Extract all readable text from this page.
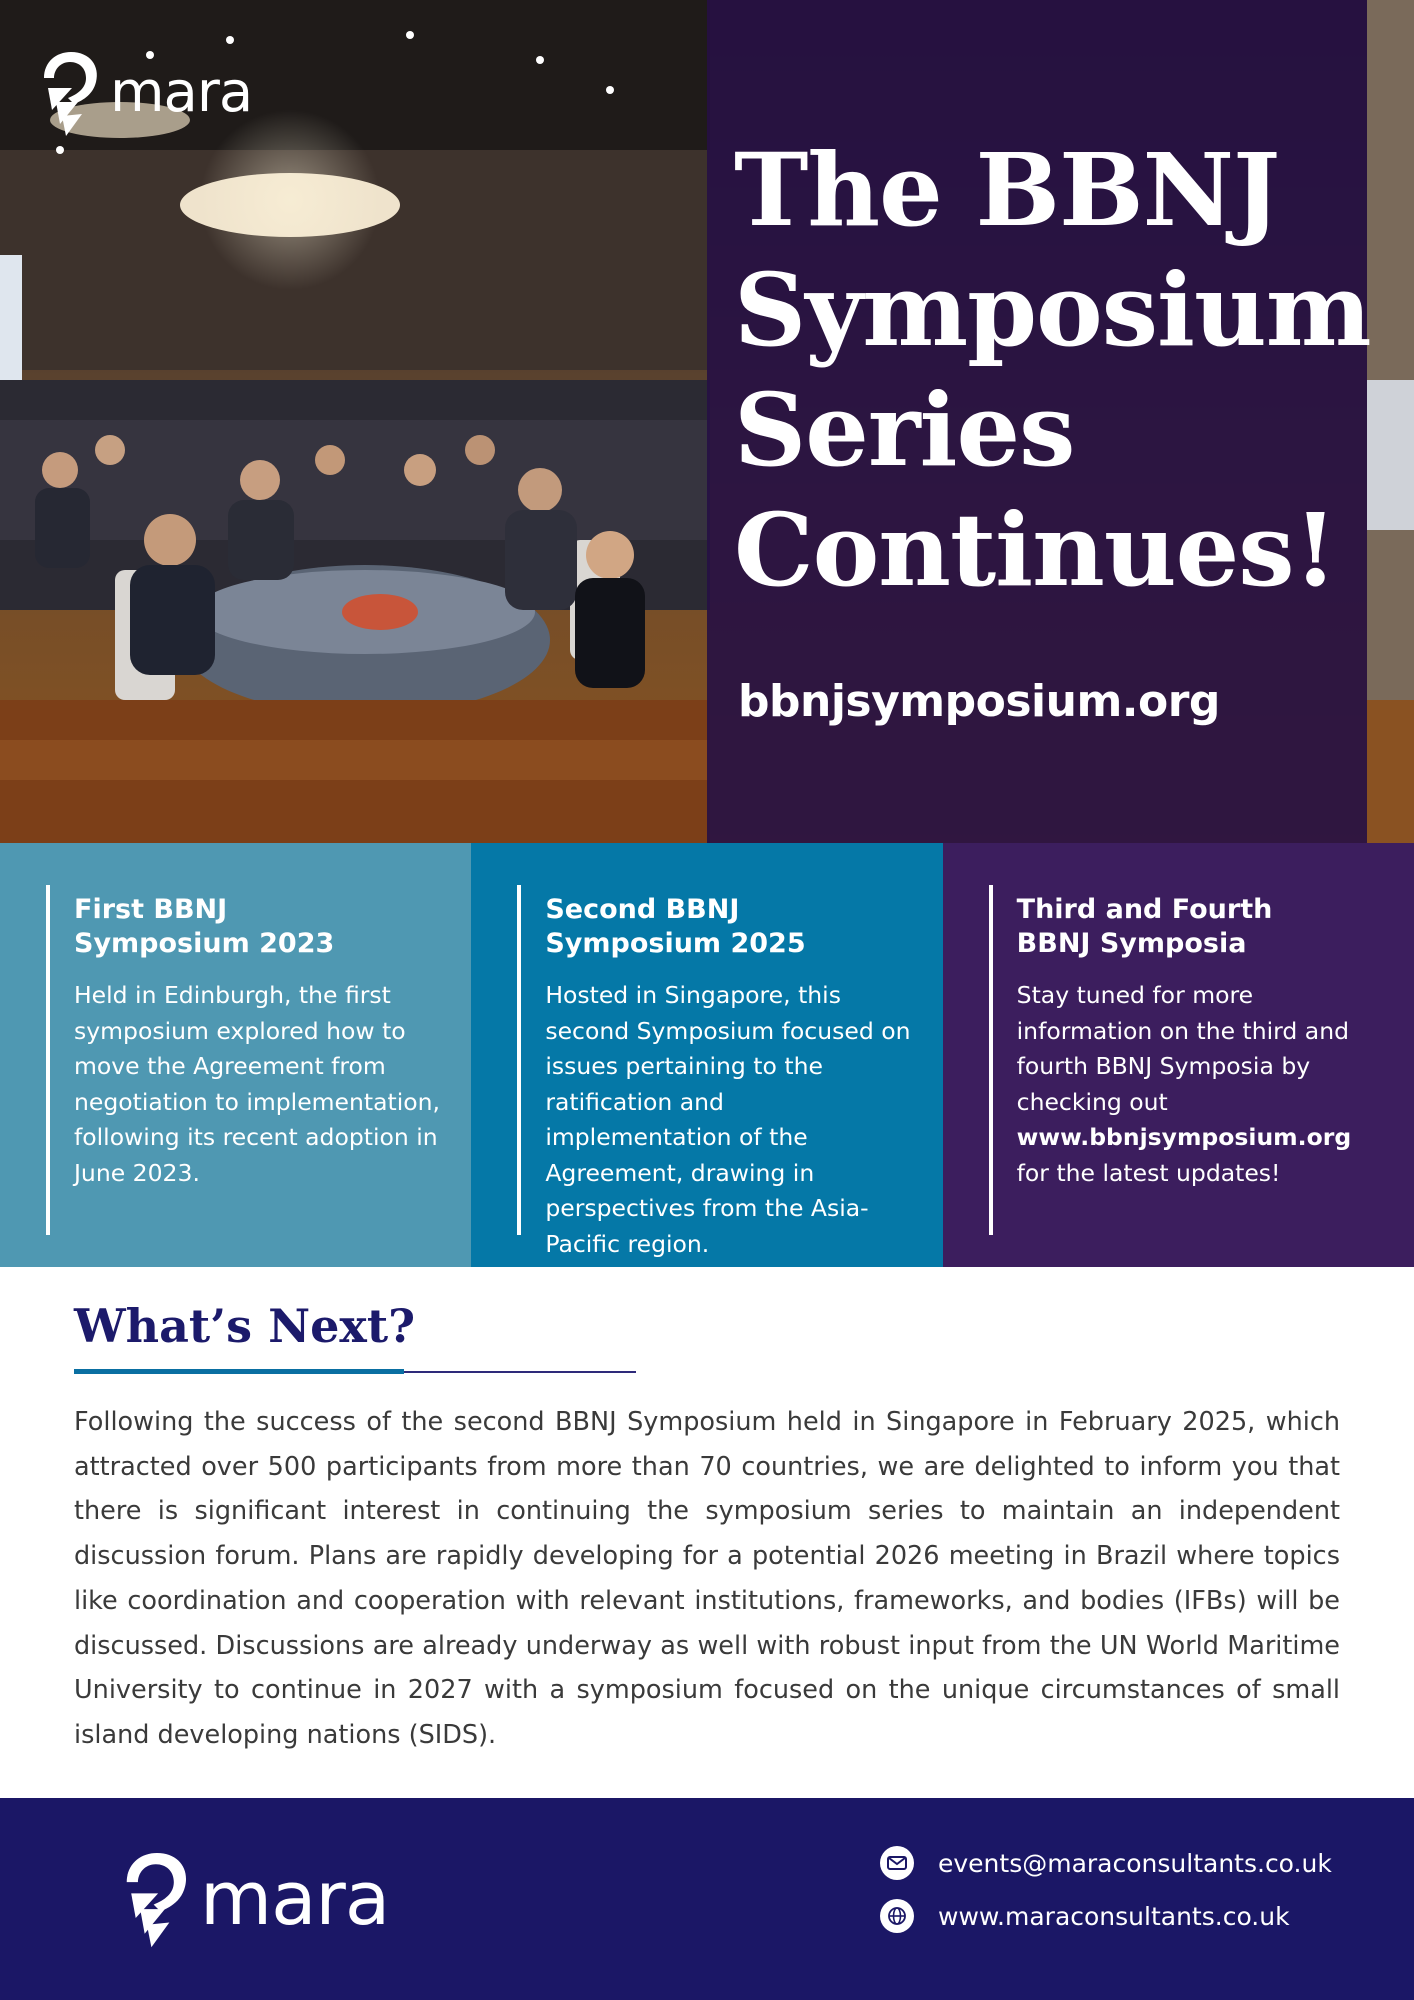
The BBNJ
Symposium
Series
Continues!

bbnjsymposium.org

mara
First BBNJ
Symposium 2023

Held in Edinburgh, the first symposium explored how to move the Agreement from negotiation to implementation, following its recent adoption in June 2023.

Second BBNJ
Symposium 2025

Hosted in Singapore, this second Symposium focused on issues pertaining to the ratification and implementation of the Agreement, drawing in perspectives from the Asia-Pacific region.

Third and Fourth
BBNJ Symposia

Stay tuned for more information on the third and fourth BBNJ Symposia by checking out www.bbnjsymposium.org for the latest updates!

What’s Next?

Following the success of the second BBNJ Symposium held in Singapore in February 2025, which attracted over 500 participants from more than 70 countries, we are delighted to inform you that there is significant interest in continuing the symposium series to maintain an independent discussion forum. Plans are rapidly developing for a potential 2026 meeting in Brazil where topics like coordination and cooperation with relevant institutions, frameworks, and bodies (IFBs) will be discussed. Discussions are already underway as well with robust input from the UN World Maritime University to continue in 2027 with a symposium focused on the unique circumstances of small island developing nations (SIDS).

mara	events@maraconsultants.co.uk
www.maraconsultants.co.uk
